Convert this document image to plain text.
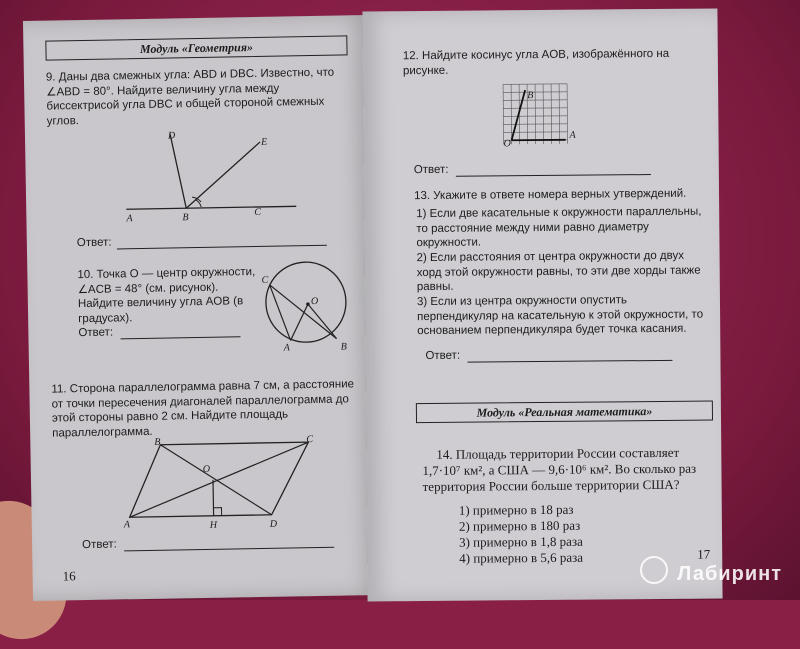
Модуль «Геометрия»
9. Даны два смежных угла: ABD и DBC. Известно, что ∠ABD = 80°. Найдите величину угла между биссектрисой угла DBC и общей стороной смежных углов.
D
E
A	B	C
Ответ:
10. Точка O — центр окружности, ∠ACB = 48° (см. рисунок). Найдите величину угла AOB (в градусах).
C
O
A	B
Ответ:
11. Сторона параллелограмма равна 7 см, а расстояние от точки пересечения диагоналей параллелограмма до этой стороны равно 2 см. Найдите площадь параллелограмма.
B	C
O
A	H	D
Ответ:
16
12. Найдите косинус угла AOB, изображённого на рисунке.
B
O
A
Ответ:
13. Укажите в ответе номера верных утверждений.
1) Если две касательные к окружности параллельны, то расстояние между ними равно диаметру окружности.
2) Если расстояния от центра окружности до двух хорд этой окружности равны, то эти две хорды также равны.
3) Если из центра окружности опустить перпендикуляр на касательную к этой окружности, то основанием перпендикуляра будет точка касания.
Ответ:
Модуль «Реальная математика»
14. Площадь территории России составляет
1,7·10⁷ км², а США — 9,6·10⁶ км². Во сколько раз территория России больше территории США?
1) примерно в 18 раз
2) примерно в 180 раз
3) примерно в 1,8 раза
4) примерно в 5,6 раза	17
Лабиринт
